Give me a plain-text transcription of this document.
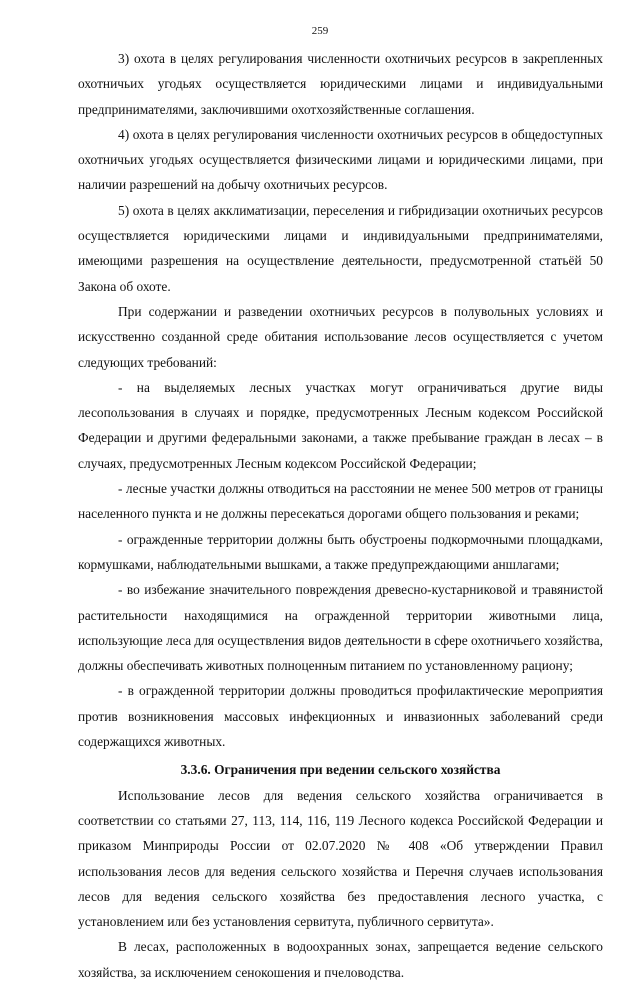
259

3) охота в целях регулирования численности охотничьих ресурсов в закрепленных охотничьих угодьях осуществляется юридическими лицами и индивидуальными предпринимателями, заключившими охотхозяйственные соглашения.

4) охота в целях регулирования численности охотничьих ресурсов в общедоступных охотничьих угодьях осуществляется физическими лицами и юридическими лицами, при наличии разрешений на добычу охотничьих ресурсов.

5) охота в целях акклиматизации, переселения и гибридизации охотничьих ресурсов осуществляется юридическими лицами и индивидуальными предпринимателями, имеющими разрешения на осуществление деятельности, предусмотренной статьёй 50 Закона об охоте.

При содержании и разведении охотничьих ресурсов в полувольных условиях и искусственно созданной среде обитания использование лесов осуществляется с учетом следующих требований:

- на выделяемых лесных участках могут ограничиваться другие виды лесопользования в случаях и порядке, предусмотренных Лесным кодексом Российской Федерации и другими федеральными законами, а также пребывание граждан в лесах – в случаях, предусмотренных Лесным кодексом Российской Федерации;

- лесные участки должны отводиться на расстоянии не менее 500 метров от границы населенного пункта и не должны пересекаться дорогами общего пользования и реками;

- огражденные территории должны быть обустроены подкормочными площадками, кормушками, наблюдательными вышками, а также предупреждающими аншлагами;

- во избежание значительного повреждения древесно-кустарниковой и травянистой растительности находящимися на огражденной территории животными лица, использующие леса для осуществления видов деятельности в сфере охотничьего хозяйства, должны обеспечивать животных полноценным питанием по установленному рациону;

- в огражденной территории должны проводиться профилактические мероприятия против возникновения массовых инфекционных и инвазионных заболеваний среди содержащихся животных.

3.3.6. Ограничения при ведении сельского хозяйства

Использование лесов для ведения сельского хозяйства ограничивается в соответствии со статьями 27, 113, 114, 116, 119 Лесного кодекса Российской Федерации и приказом Минприроды России от 02.07.2020 № 408 «Об утверждении Правил использования лесов для ведения сельского хозяйства и Перечня случаев использования лесов для ведения сельского хозяйства без предоставления лесного участка, с установлением или без установления сервитута, публичного сервитута».

В лесах, расположенных в водоохранных зонах, запрещается ведение сельского хозяйства, за исключением сенокошения и пчеловодства.
